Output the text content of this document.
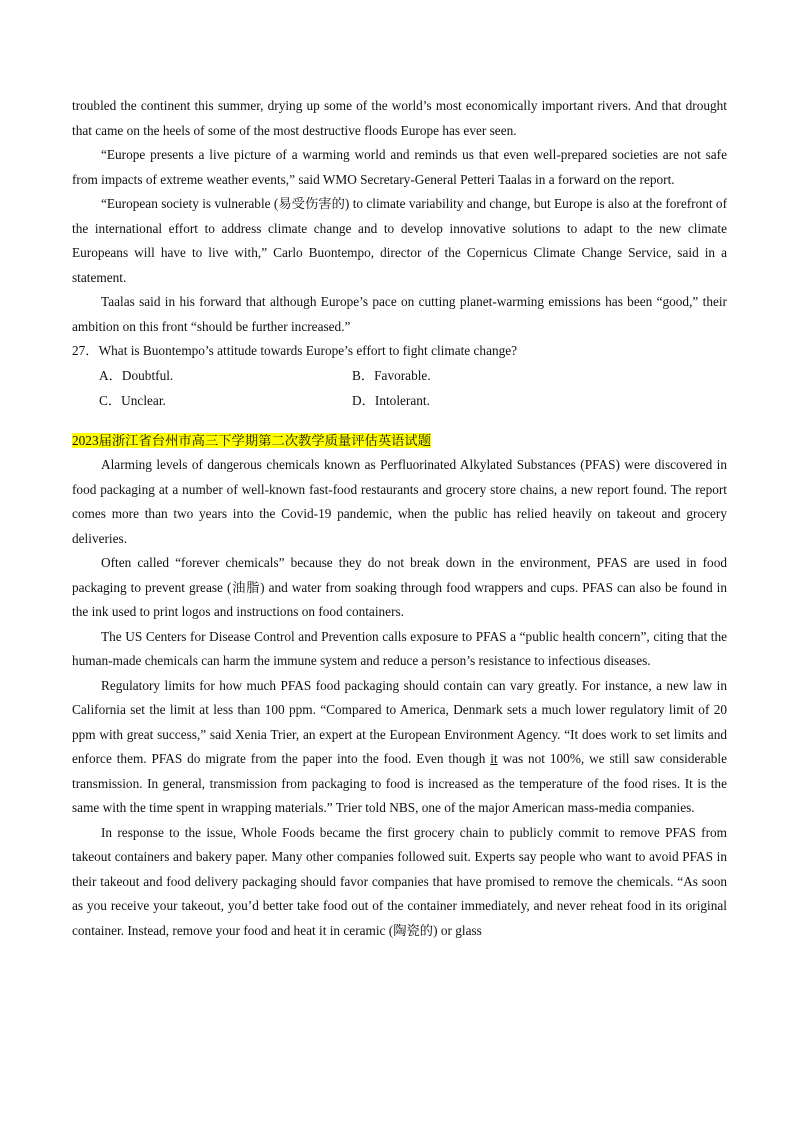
troubled the continent this summer, drying up some of the world’s most economically important rivers. And that drought that came on the heels of some of the most destructive floods Europe has ever seen.

“Europe presents a live picture of a warming world and reminds us that even well-prepared societies are not safe from impacts of extreme weather events,” said WMO Secretary-General Petteri Taalas in a forward on the report.

“European society is vulnerable (易受伤害的) to climate variability and change, but Europe is also at the forefront of the international effort to address climate change and to develop innovative solutions to adapt to the new climate Europeans will have to live with,” Carlo Buontempo, director of the Copernicus Climate Change Service, said in a statement.

Taalas said in his forward that although Europe’s pace on cutting planet-warming emissions has been “good,” their ambition on this front “should be further increased.”

27．What is Buontempo’s attitude towards Europe’s effort to fight climate change?

A．Doubtful.	B．Favorable.
C．Unclear.	D．Intolerant.
2023届浙江省台州市高三下学期第二次教学质量评估英语试题

Alarming levels of dangerous chemicals known as Perfluorinated Alkylated Substances (PFAS) were discovered in food packaging at a number of well-known fast-food restaurants and grocery store chains, a new report found. The report comes more than two years into the Covid-19 pandemic, when the public has relied heavily on takeout and grocery deliveries.

Often called “forever chemicals” because they do not break down in the environment, PFAS are used in food packaging to prevent grease (油脂) and water from soaking through food wrappers and cups. PFAS can also be found in the ink used to print logos and instructions on food containers.

The US Centers for Disease Control and Prevention calls exposure to PFAS a “public health concern”, citing that the human-made chemicals can harm the immune system and reduce a person’s resistance to infectious diseases.

Regulatory limits for how much PFAS food packaging should contain can vary greatly. For instance, a new law in California set the limit at less than 100 ppm. “Compared to America, Denmark sets a much lower regulatory limit of 20 ppm with great success,” said Xenia Trier, an expert at the European Environment Agency. “It does work to set limits and enforce them. PFAS do migrate from the paper into the food. Even though it was not 100%, we still saw considerable transmission. In general, transmission from packaging to food is increased as the temperature of the food rises. It is the same with the time spent in wrapping materials.” Trier told NBS, one of the major American mass-media companies.

In response to the issue, Whole Foods became the first grocery chain to publicly commit to remove PFAS from takeout containers and bakery paper. Many other companies followed suit. Experts say people who want to avoid PFAS in their takeout and food delivery packaging should favor companies that have promised to remove the chemicals. “As soon as you receive your takeout, you’d better take food out of the container immediately, and never reheat food in its original container. Instead, remove your food and heat it in ceramic (陶瓷的) or glass
